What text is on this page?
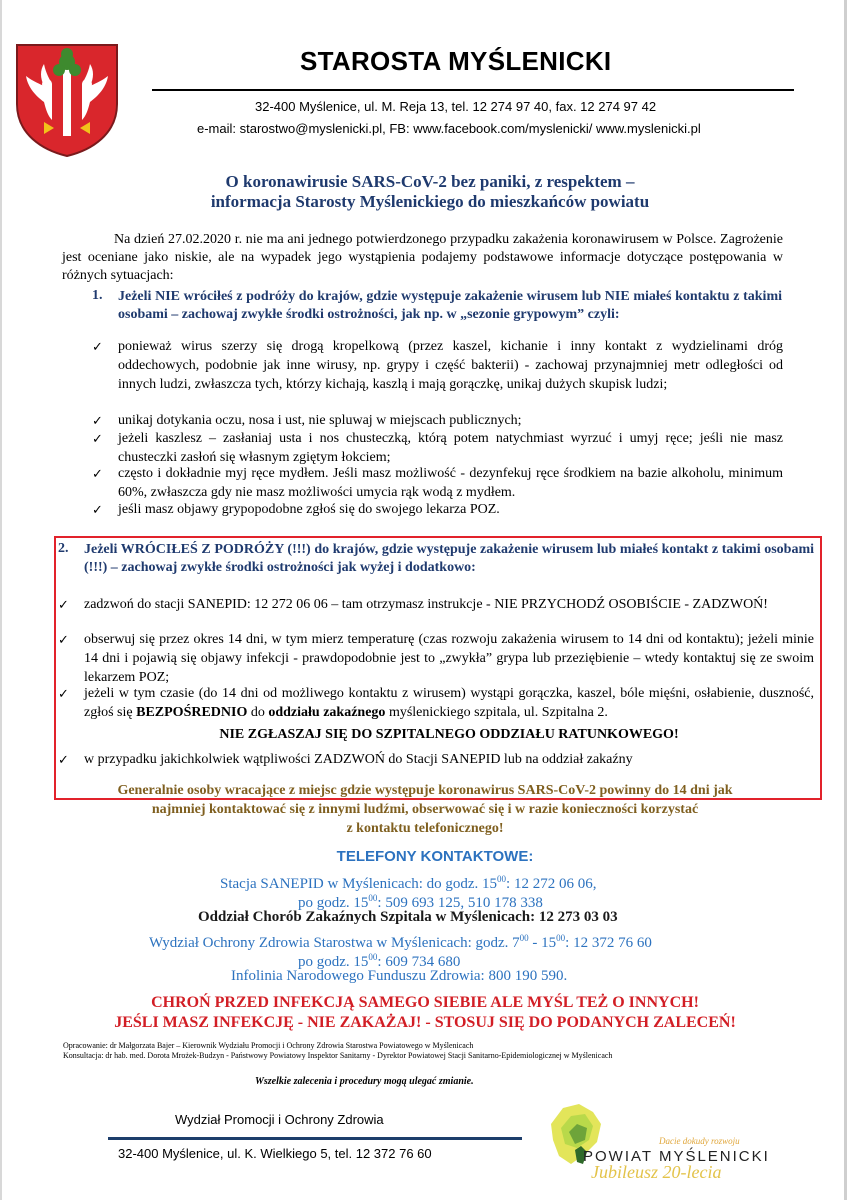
STAROSTA MYŚLENICKI
32-400 Myślenice, ul. M. Reja 13, tel. 12 274 97 40, fax. 12 274 97 42
e-mail: starostwo@myslenicki.pl, FB: www.facebook.com/myslenicki/ www.myslenicki.pl
O koronawirusie SARS-CoV-2 bez paniki, z respektem –
informacja Starosty Myślenickiego do mieszkańców powiatu

Na dzień 27.02.2020 r. nie ma ani jednego potwierdzonego przypadku zakażenia koronawirusem w Polsce. Zagrożenie jest oceniane jako niskie, ale na wypadek jego wystąpienia podajemy podstawowe informacje dotyczące postępowania w różnych sytuacjach:

1. Jeżeli NIE wróciłeś z podróży do krajów, gdzie występuje zakażenie wirusem lub NIE miałeś kontaktu z takimi osobami – zachowaj zwykłe środki ostrożności, jak np. w „sezonie grypowym” czyli:
✓ ponieważ wirus szerzy się drogą kropelkową (przez kaszel, kichanie i inny kontakt z wydzielinami dróg oddechowych, podobnie jak inne wirusy, np. grypy i część bakterii) - zachowaj przynajmniej metr odległości od innych ludzi, zwłaszcza tych, którzy kichają, kaszlą i mają gorączkę, unikaj dużych skupisk ludzi;
✓ unikaj dotykania oczu, nosa i ust, nie spluwaj w miejscach publicznych;
✓ jeżeli kaszlesz – zasłaniaj usta i nos chusteczką, którą potem natychmiast wyrzuć i umyj ręce; jeśli nie masz chusteczki zasłoń się własnym zgiętym łokciem;
✓ często i dokładnie myj ręce mydłem. Jeśli masz możliwość - dezynfekuj ręce środkiem na bazie alkoholu, minimum 60%, zwłaszcza gdy nie masz możliwości umycia rąk wodą z mydłem.
✓ jeśli masz objawy grypopodobne zgłoś się do swojego lekarza POZ.
2. Jeżeli WRÓCIŁEŚ Z PODRÓŻY (!!!) do krajów, gdzie występuje zakażenie wirusem lub miałeś kontakt z takimi osobami (!!!) – zachowaj zwykłe środki ostrożności jak wyżej i dodatkowo:
✓ zadzwoń do stacji SANEPID: 12 272 06 06 – tam otrzymasz instrukcje - NIE PRZYCHODŹ OSOBIŚCIE - ZADZWOŃ!
✓ obserwuj się przez okres 14 dni, w tym mierz temperaturę (czas rozwoju zakażenia wirusem to 14 dni od kontaktu); jeżeli minie 14 dni i pojawią się objawy infekcji - prawdopodobnie jest to „zwykła” grypa lub przeziębienie – wtedy kontaktuj się ze swoim lekarzem POZ;
✓ jeżeli w tym czasie (do 14 dni od możliwego kontaktu z wirusem) wystąpi gorączka, kaszel, bóle mięśni, osłabienie, duszność, zgłoś się BEZPOŚREDNIO do oddziału zakaźnego myślenickiego szpitala, ul. Szpitalna 2.
NIE ZGŁASZAJ SIĘ DO SZPITALNEGO ODDZIAŁU RATUNKOWEGO!
✓ w przypadku jakichkolwiek wątpliwości ZADZWOŃ do Stacji SANEPID lub na oddział zakaźny
Generalnie osoby wracające z miejsc gdzie występuje koronawirus SARS-CoV-2 powinny do 14 dni jak
najmniej kontaktować się z innymi ludźmi, obserwować się i w razie konieczności korzystać
z kontaktu telefonicznego!
TELEFONY KONTAKTOWE:
Stacja SANEPID w Myślenicach: do godz. $15^{00}$: 12 272 06 06,
po godz. $15^{00}$: 509 693 125, 510 178 338
Oddział Chorób Zakaźnych Szpitala w Myślenicach: 12 273 03 03
Wydział Ochrony Zdrowia Starostwa w Myślenicach: godz. $7^{00} - 15^{00}$: 12 372 76 60
po godz. $15^{00}$: 609 734 680
Infolinia Narodowego Funduszu Zdrowia: 800 190 590.
CHROŃ PRZED INFEKCJĄ SAMEGO SIEBIE ALE MYŚL TEŻ O INNYCH!
JEŚLI MASZ INFEKCJĘ - NIE ZAKAŻAJ! - STOSUJ SIĘ DO PODANYCH ZALECEŃ!
Opracowanie: dr Małgorzata Bajer – Kierownik Wydziału Promocji i Ochrony Zdrowia Starostwa Powiatowego w Myślenicach
Konsultacja: dr hab. med. Dorota Mrożek-Budzyn - Państwowy Powiatowy Inspektor Sanitarny - Dyrektor Powiatowej Stacji Sanitarno-Epidemiologicznej w Myślenicach
Wszelkie zalecenia i procedury mogą ulegać zmianie.
Wydział Promocji i Ochrony Zdrowia
32-400 Myślenice, ul. K. Wielkiego 5, tel. 12 372 76 60
Dacie dokudy rozwoju
POWIAT MYŚLENICKI
Jubileusz 20-lecia
